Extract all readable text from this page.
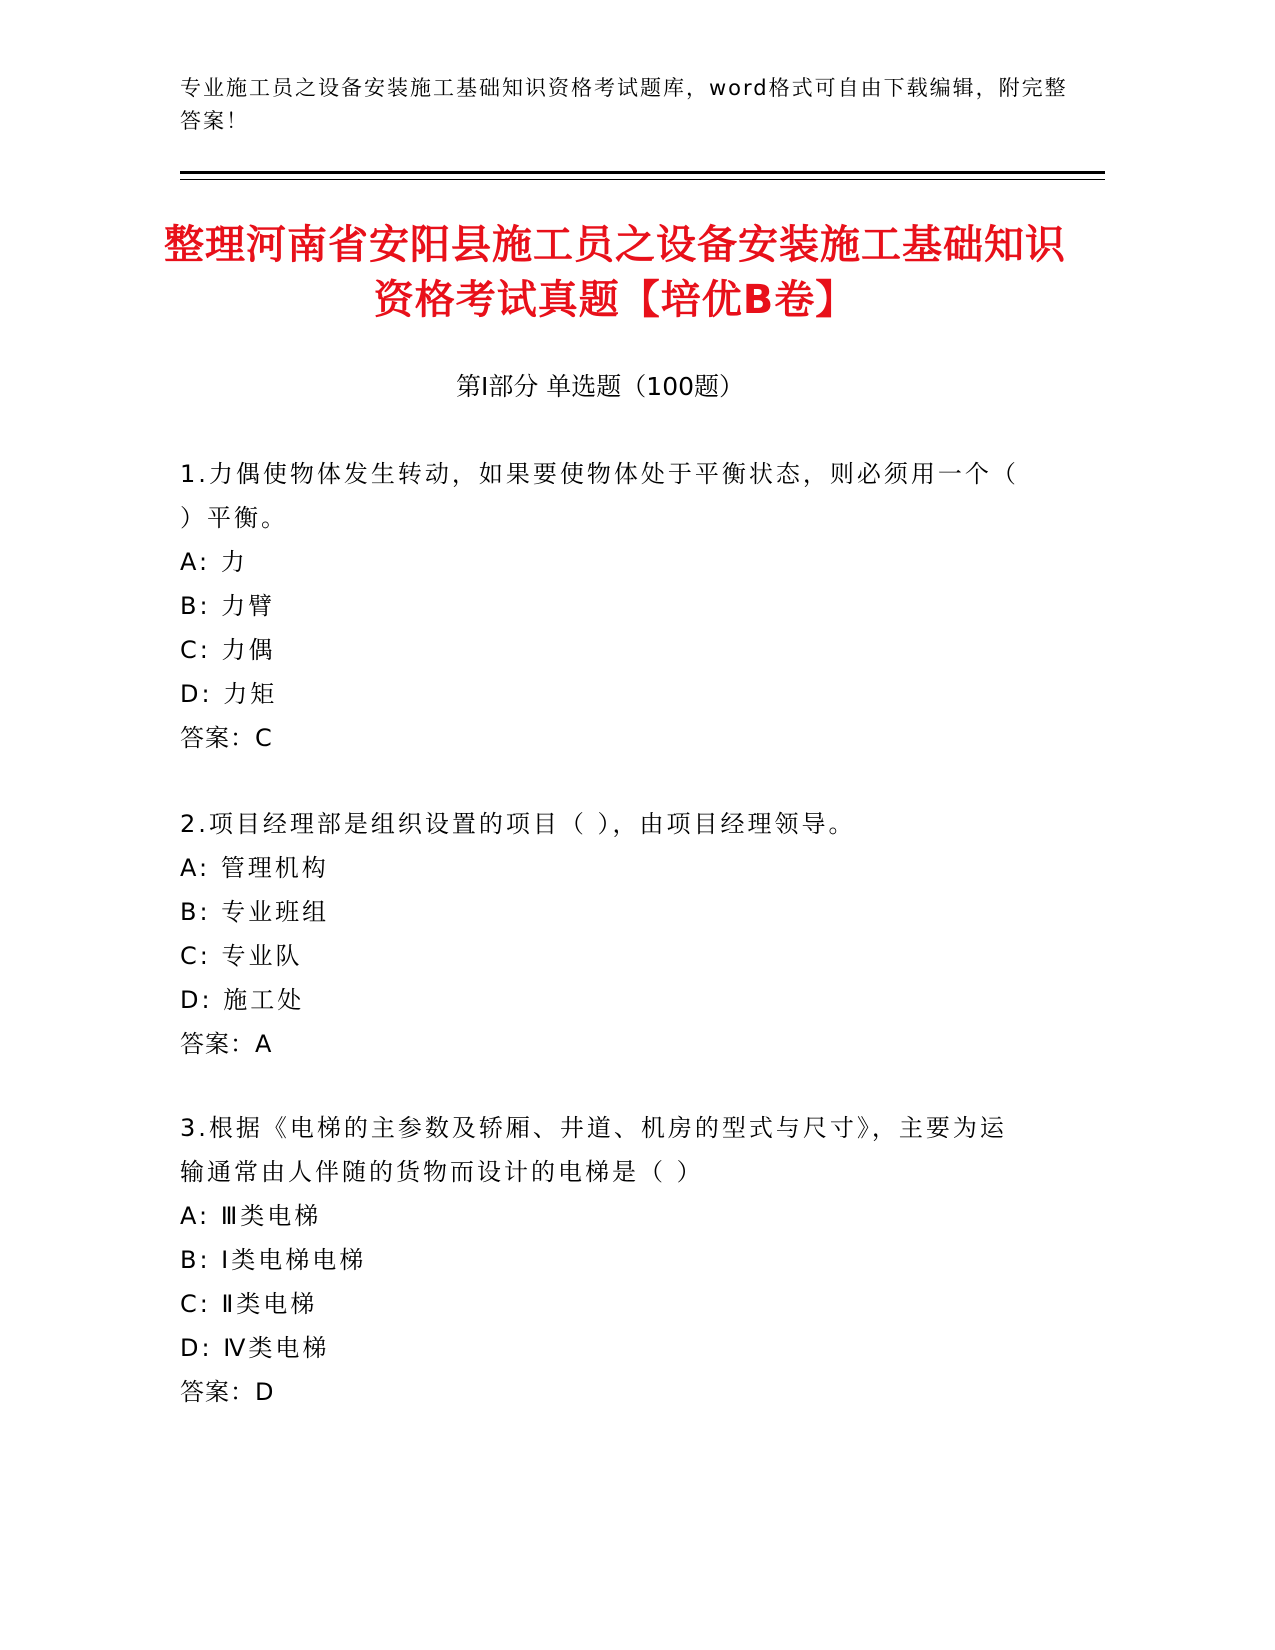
专业施工员之设备安装施工基础知识资格考试题库，word格式可自由下载编辑，附完整答案！
整理河南省安阳县施工员之设备安装施工基础知识资格考试真题【培优B卷】
第Ⅰ部分 单选题（100题）
1.力偶使物体发生转动，如果要使物体处于平衡状态，则必须用一个（ ）平衡。
A: 力
B: 力臂
C: 力偶
D: 力矩
答案：C
2.项目经理部是组织设置的项目（ ），由项目经理领导。
A: 管理机构
B: 专业班组
C: 专业队
D: 施工处
答案：A
3.根据《电梯的主参数及轿厢、井道、机房的型式与尺寸》，主要为运输通常由人伴随的货物而设计的电梯是（ ）
A: Ⅲ类电梯
B: Ⅰ类电梯电梯
C: Ⅱ类电梯
D: Ⅳ类电梯
答案：D
